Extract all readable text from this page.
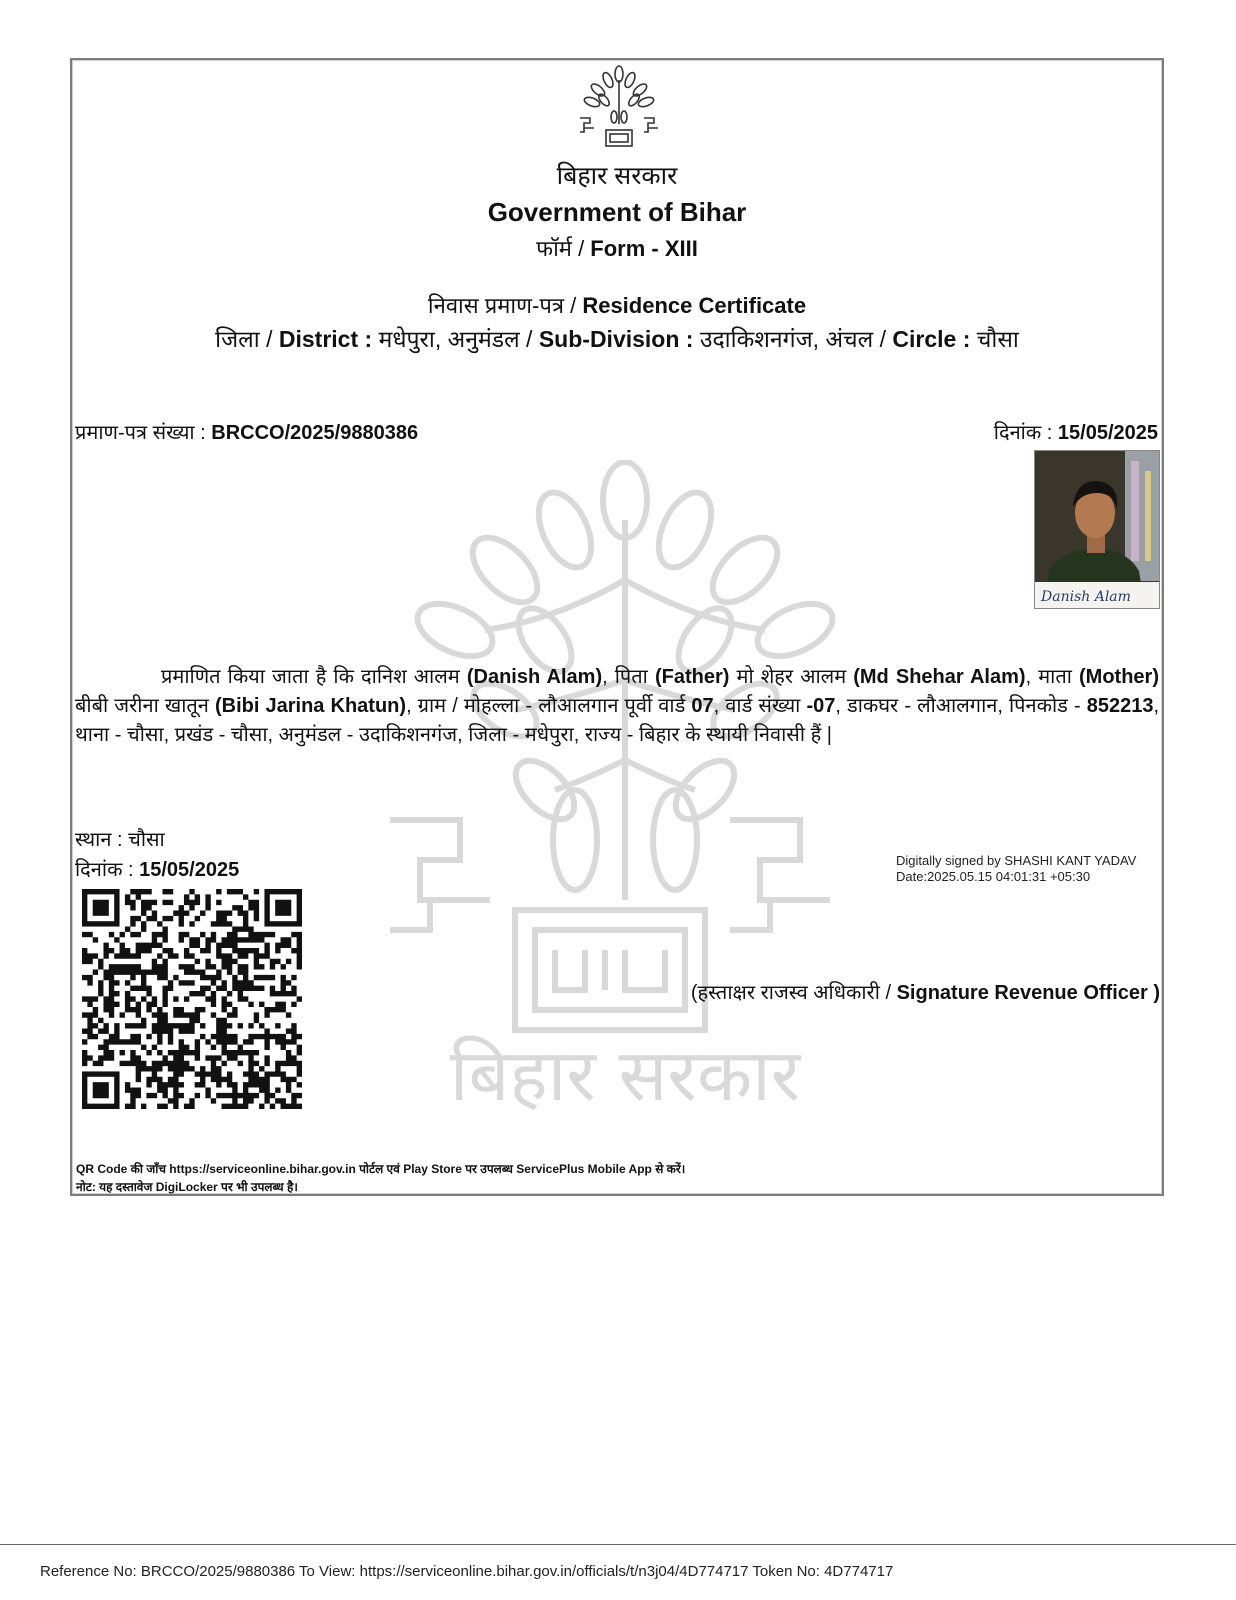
बिहार सरकार
Government of Bihar
फॉर्म / Form - XIII
निवास प्रमाण-पत्र / Residence Certificate
जिला / District : मधेपुरा, अनुमंडल / Sub-Division : उदाकिशनगंज, अंचल / Circle : चौसा
प्रमाण-पत्र संख्या : BRCCO/2025/9880386	दिनांक : 15/05/2025
Danish Alam
बिहार सरकार
प्रमाणित किया जाता है कि दानिश आलम (Danish Alam), पिता (Father) मो शेहर आलम (Md Shehar Alam), माता (Mother) बीबी जरीना खातून (Bibi Jarina Khatun), ग्राम / मोहल्ला - लौआलगान पूर्वी वार्ड 07, वार्ड संख्या -07, डाकघर - लौआलगान, पिनकोड - 852213, थाना - चौसा, प्रखंड - चौसा, अनुमंडल - उदाकिशनगंज, जिला - मधेपुरा, राज्य - बिहार के स्थायी निवासी हैं |
स्थान : चौसा
दिनांक : 15/05/2025	Digitally signed by SHASHI KANT YADAV
Date:2025.05.15 04:01:31 +05:30
(हस्ताक्षर राजस्व अधिकारी / Signature Revenue Officer )
QR Code की जाँच https://serviceonline.bihar.gov.in पोर्टल एवं Play Store पर उपलब्ध ServicePlus Mobile App से करें।
नोट: यह दस्तावेज DigiLocker पर भी उपलब्ध है।
Reference No: BRCCO/2025/9880386 To View: https://serviceonline.bihar.gov.in/officials/t/n3j04/4D774717 Token No: 4D774717
